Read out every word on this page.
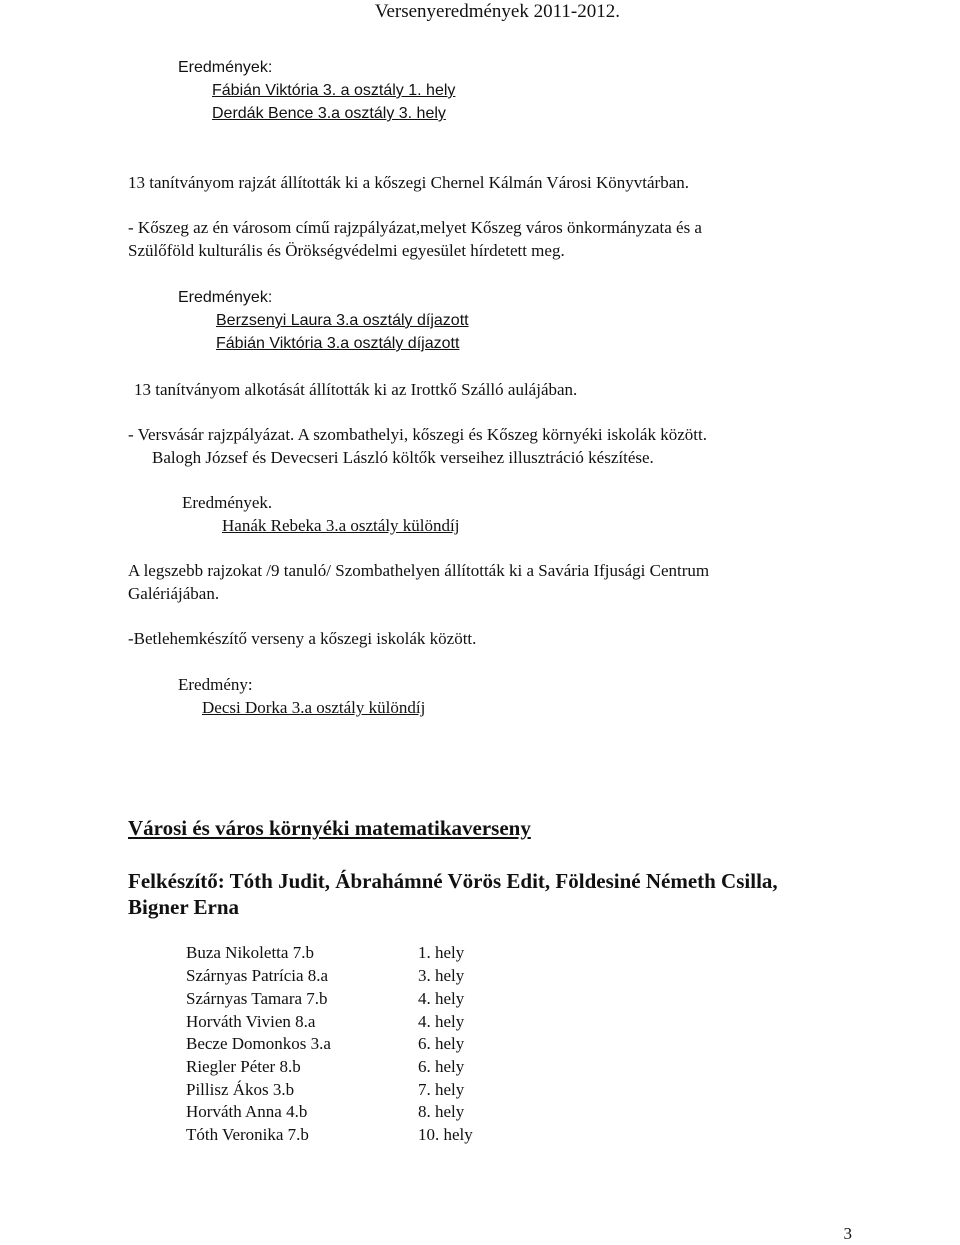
Versenyeredmények 2011-2012.
Eredmények:
Fábián Viktória 3. a osztály 1. hely
Derdák Bence 3.a osztály 3. hely
13 tanítványom rajzát állították ki a kőszegi Chernel Kálmán Városi Könyvtárban.
- Kőszeg az én városom című rajzpályázat,melyet Kőszeg város önkormányzata és a
Szülőföld kulturális és Örökségvédelmi egyesület hírdetett meg.
Eredmények:
Berzsenyi Laura 3.a osztály díjazott
Fábián Viktória 3.a osztály díjazott
13 tanítványom alkotását állították ki az Irottkő Szálló aulájában.
- Versvásár rajzpályázat. A szombathelyi, kőszegi és Kőszeg környéki iskolák között.
Balogh József és Devecseri László költők verseihez illusztráció készítése.
Eredmények.
Hanák Rebeka 3.a osztály különdíj
A legszebb rajzokat /9 tanuló/ Szombathelyen állították ki a Savária Ifjusági Centrum
Galériájában.
-Betlehemkészítő verseny a kőszegi iskolák között.
Eredmény:
Decsi Dorka 3.a osztály különdíj
Városi és város környéki matematikaverseny
Felkészítő: Tóth Judit, Ábrahámné Vörös Edit, Földesiné Németh Csilla,
Bigner Erna
Buza Nikoletta 7.b	1. hely
Szárnyas Patrícia 8.a	3. hely
Szárnyas Tamara 7.b	4. hely
Horváth Vivien 8.a	4. hely
Becze Domonkos 3.a	6. hely
Riegler Péter 8.b	6. hely
Pillisz Ákos 3.b	7. hely
Horváth Anna 4.b	8. hely
Tóth Veronika 7.b	10. hely
3
